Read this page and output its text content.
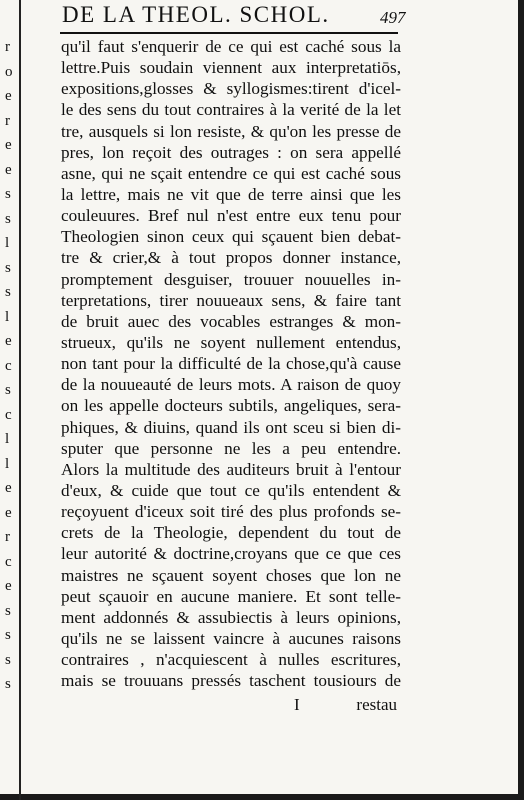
r
o
e
r
e
e
s
s
l
s
s
l
e
c
s
c
l
l
e
e
r
c
e
s
s
s
s
DE LA THEOL. SCHOL.	497
qu'il faut s'enquerir de ce qui est caché sous la
lettre.Puis soudain viennent aux interpretatiōs,
expositions,glosses & syllogismes:tirent d'icel-
le des sens du tout contraires à la verité de la let
tre, ausquels si lon resiste, & qu'on les presse de
pres, lon reçoit des outrages : on sera appellé
asne, qui ne sçait entendre ce qui est caché sous
la lettre, mais ne vit que de terre ainsi que les
couleuures. Bref nul n'est entre eux tenu pour
Theologien sinon ceux qui sçauent bien debat-
tre & crier,& à tout propos donner instance,
promptement desguiser, trouuer nouuelles in-
terpretations, tirer nouueaux sens, & faire tant
de bruit auec des vocables estranges & mon-
strueux, qu'ils ne soyent nullement entendus,
non tant pour la difficulté de la chose,qu'à cause
de la nouueauté de leurs mots. A raison de quoy
on les appelle docteurs subtils, angeliques, sera-
phiques, & diuins, quand ils ont sceu si bien di-
sputer que personne ne les a peu entendre.
Alors la multitude des auditeurs bruit à l'entour
d'eux, & cuide que tout ce qu'ils entendent &
reçoyuent d'iceux soit tiré des plus profonds se-
crets de la Theologie, dependent du tout de
leur autorité & doctrine,croyans que ce que ces
maistres ne sçauent soyent choses que lon ne
peut sçauoir en aucune maniere. Et sont telle-
ment addonnés & assubiectis à leurs opinions,
qu'ils ne se laissent vaincre à aucunes raisons
contraires , n'acquiescent à nulles escritures,
mais se trouuans pressés taschent tousiours de
I	restau
